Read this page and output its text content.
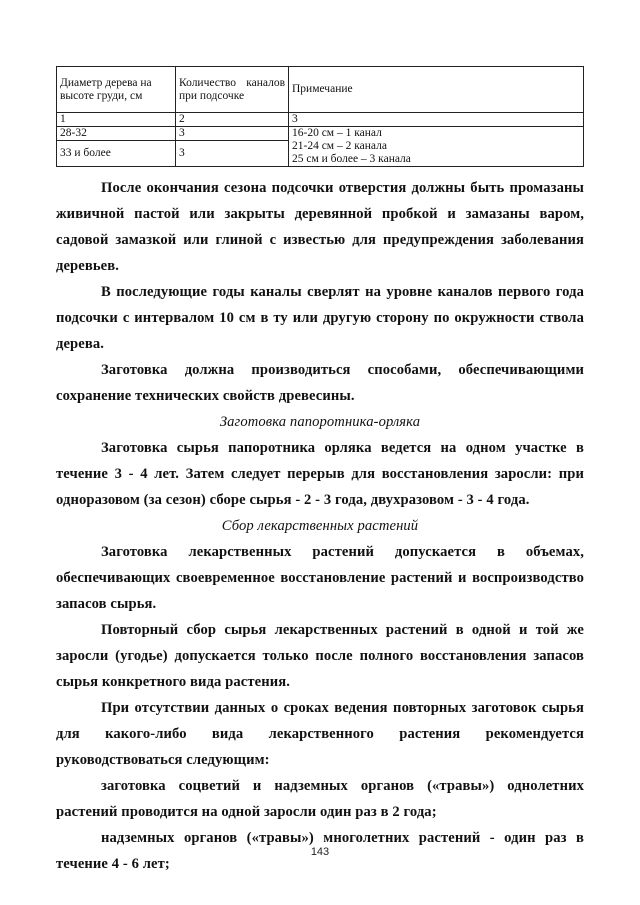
Диаметр дерева на высоте груди, см	Количество каналов при подсочке	Примечание
1	2	3
28-32	3	16-20 см – 1 канал
21-24 см – 2 канала
25 см и более – 3 канала

33 и более	3	

После окончания сезона подсочки отверстия должны быть промазаны живичной пастой или закрыты деревянной пробкой и замазаны варом, садовой замазкой или глиной с известью для предупреждения заболевания деревьев.

В последующие годы каналы сверлят на уровне каналов первого года подсочки с интервалом 10 см в ту или другую сторону по окружности ствола дерева.

Заготовка должна производиться способами, обеспечивающими сохранение технических свойств древесины.

Заготовка папоротника-орляка

Заготовка сырья папоротника орляка ведется на одном участке в течение 3 - 4 лет. Затем следует перерыв для восстановления заросли: при одноразовом (за сезон) сборе сырья - 2 - 3 года, двухразовом - 3 - 4 года.

Сбор лекарственных растений

Заготовка лекарственных растений допускается в объемах, обеспечивающих своевременное восстановление растений и воспроизводство запасов сырья.

Повторный сбор сырья лекарственных растений в одной и той же заросли (угодье) допускается только после полного восстановления запасов сырья конкретного вида растения.

При отсутствии данных о сроках ведения повторных заготовок сырья для какого-либо вида лекарственного растения рекомендуется руководствоваться следующим:

заготовка соцветий и надземных органов («травы») однолетних растений проводится на одной заросли один раз в 2 года;

надземных органов («травы») многолетних растений - один раз в течение 4 - 6 лет;

143
